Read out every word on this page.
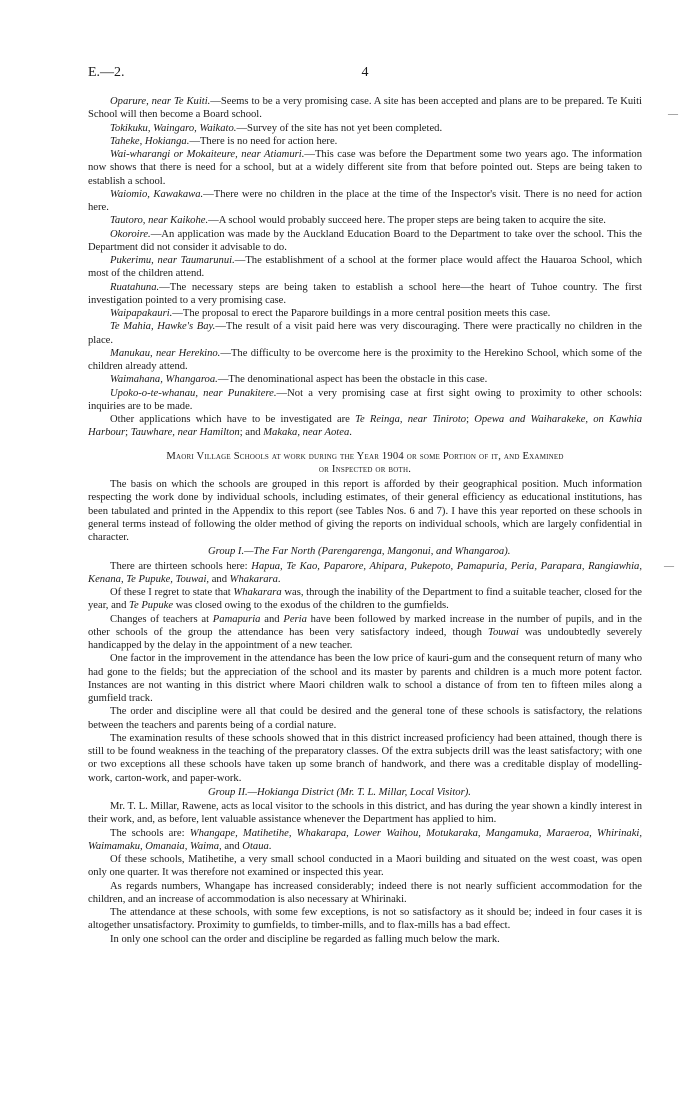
E.—2.	4
—
—

Oparure, near Te Kuiti.—Seems to be a very promising case. A site has been accepted and plans are to be prepared. Te Kuiti School will then become a Board school.

Tokikuku, Waingaro, Waikato.—Survey of the site has not yet been completed.

Taheke, Hokianga.—There is no need for action here.

Wai-wharangi or Mokaiteure, near Atiamuri.—This case was before the Department some two years ago. The information now shows that there is need for a school, but at a widely different site from that before pointed out. Steps are being taken to establish a school.

Waiomio, Kawakawa.—There were no children in the place at the time of the Inspector's visit. There is no need for action here.

Tautoro, near Kaikohe.—A school would probably succeed here. The proper steps are being taken to acquire the site.

Okoroire.—An application was made by the Auckland Education Board to the Department to take over the school. This the Department did not consider it advisable to do.

Pukerimu, near Taumarunui.—The establishment of a school at the former place would affect the Hauaroa School, which most of the children attend.

Ruatahuna.—The necessary steps are being taken to establish a school here—the heart of Tuhoe country. The first investigation pointed to a very promising case.

Waipapakauri.—The proposal to erect the Paparore buildings in a more central position meets this case.

Te Mahia, Hawke's Bay.—The result of a visit paid here was very discouraging. There were practically no children in the place.

Manukau, near Herekino.—The difficulty to be overcome here is the proximity to the Herekino School, which some of the children already attend.

Waimahana, Whangaroa.—The denominational aspect has been the obstacle in this case.

Upoko-o-te-whanau, near Punakitere.—Not a very promising case at first sight owing to proximity to other schools: inquiries are to be made.

Other applications which have to be investigated are Te Reinga, near Tiniroto; Opewa and Waiharakeke, on Kawhia Harbour; Tauwhare, near Hamilton; and Makaka, near Aotea.

Maori Village Schools at work during the Year 1904 or some Portion of it, and Examined
or Inspected or both.

The basis on which the schools are grouped in this report is afforded by their geographical position. Much information respecting the work done by individual schools, including estimates, of their general efficiency as educational institutions, has been tabulated and printed in the Appendix to this report (see Tables Nos. 6 and 7). I have this year reported on these schools in general terms instead of following the older method of giving the reports on individual schools, which are largely confidential in character.

Group I.—The Far North (Parengarenga, Mangonui, and Whangaroa).

There are thirteen schools here: Hapua, Te Kao, Paparore, Ahipara, Pukepoto, Pamapuria, Peria, Parapara, Rangiawhia, Kenana, Te Pupuke, Touwai, and Whakarara.

Of these I regret to state that Whakarara was, through the inability of the Department to find a suitable teacher, closed for the year, and Te Pupuke was closed owing to the exodus of the children to the gumfields.

Changes of teachers at Pamapuria and Peria have been followed by marked increase in the number of pupils, and in the other schools of the group the attendance has been very satisfactory indeed, though Touwai was undoubtedly severely handicapped by the delay in the appointment of a new teacher.

One factor in the improvement in the attendance has been the low price of kauri-gum and the consequent return of many who had gone to the fields; but the appreciation of the school and its master by parents and children is a much more potent factor. Instances are not wanting in this district where Maori children walk to school a distance of from ten to fifteen miles along a gumfield track.

The order and discipline were all that could be desired and the general tone of these schools is satisfactory, the relations between the teachers and parents being of a cordial nature.

The examination results of these schools showed that in this district increased proficiency had been attained, though there is still to be found weakness in the teaching of the preparatory classes. Of the extra subjects drill was the least satisfactory; with one or two exceptions all these schools have taken up some branch of handwork, and there was a creditable display of modelling-work, carton-work, and paper-work.

Group II.—Hokianga District (Mr. T. L. Millar, Local Visitor).

Mr. T. L. Millar, Rawene, acts as local visitor to the schools in this district, and has during the year shown a kindly interest in their work, and, as before, lent valuable assistance whenever the Department has applied to him.

The schools are: Whangape, Matihetihe, Whakarapa, Lower Waihou, Motukaraka, Mangamuka, Maraeroa, Whirinaki, Waimamaku, Omanaia, Waima, and Otaua.

Of these schools, Matihetihe, a very small school conducted in a Maori building and situated on the west coast, was open only one quarter. It was therefore not examined or inspected this year.

As regards numbers, Whangape has increased considerably; indeed there is not nearly sufficient accommodation for the children, and an increase of accommodation is also necessary at Whirinaki.

The attendance at these schools, with some few exceptions, is not so satisfactory as it should be; indeed in four cases it is altogether unsatisfactory. Proximity to gumfields, to timber-mills, and to flax-mills has a bad effect.

In only one school can the order and discipline be regarded as falling much below the mark.
